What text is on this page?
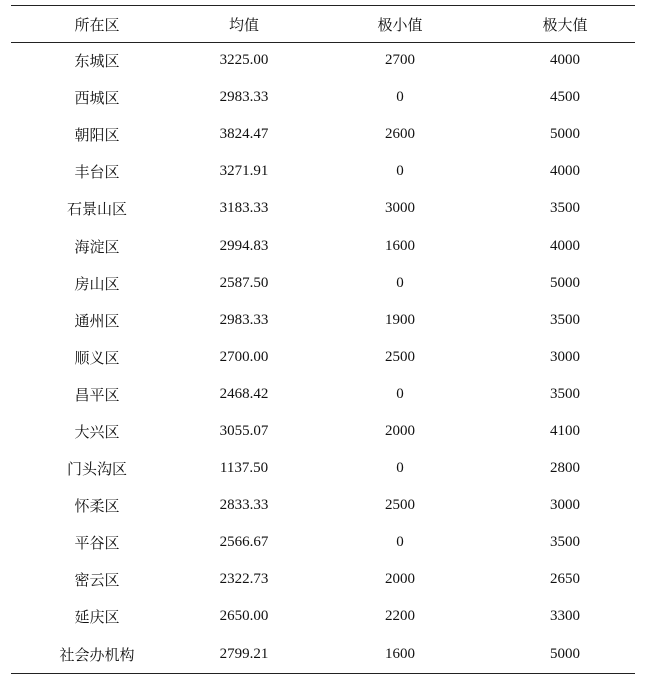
所在区	均值	极小值	极大值
东城区	3225.00	2700	4000
西城区	2983.33	0	4500
朝阳区	3824.47	2600	5000
丰台区	3271.91	0	4000
石景山区	3183.33	3000	3500
海淀区	2994.83	1600	4000
房山区	2587.50	0	5000
通州区	2983.33	1900	3500
顺义区	2700.00	2500	3000
昌平区	2468.42	0	3500
大兴区	3055.07	2000	4100
门头沟区	1137.50	0	2800
怀柔区	2833.33	2500	3000
平谷区	2566.67	0	3500
密云区	2322.73	2000	2650
延庆区	2650.00	2200	3300
社会办机构	2799.21	1600	5000
